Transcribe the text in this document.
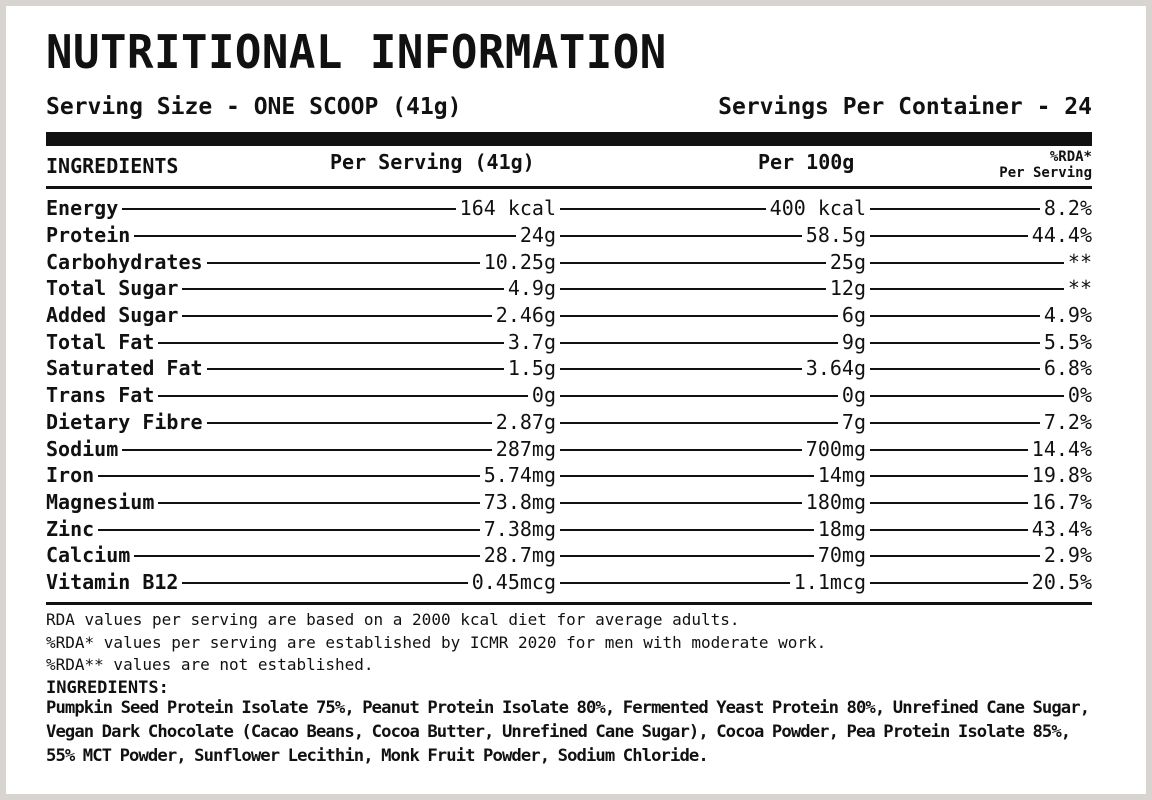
NUTRITIONAL INFORMATION
Serving Size - ONE SCOOP (41g)	Servings Per Container - 24
INGREDIENTS	Per Serving (41g)	Per 100g	%RDA*
Per Serving
Energy	164 kcal	400 kcal	8.2%
Protein	24g	58.5g	44.4%
Carbohydrates	10.25g	25g	**
Total Sugar	4.9g	12g	**
Added Sugar	2.46g	6g	4.9%
Total Fat	3.7g	9g	5.5%
Saturated Fat	1.5g	3.64g	6.8%
Trans Fat	0g	0g	0%
Dietary Fibre	2.87g	7g	7.2%
Sodium	287mg	700mg	14.4%
Iron	5.74mg	14mg	19.8%
Magnesium	73.8mg	180mg	16.7%
Zinc	7.38mg	18mg	43.4%
Calcium	28.7mg	70mg	2.9%
Vitamin B12	0.45mcg	1.1mcg	20.5%
RDA values per serving are based on a 2000 kcal diet for average adults.
%RDA* values per serving are established by ICMR 2020 for men with moderate work.
%RDA** values are not established.
INGREDIENTS:
Pumpkin Seed Protein Isolate 75%, Peanut Protein Isolate 80%, Fermented Yeast Protein 80%, Unrefined Cane Sugar, Vegan Dark Chocolate (Cacao Beans, Cocoa Butter, Unrefined Cane Sugar), Cocoa Powder, Pea Protein Isolate 85%, 55% MCT Powder, Sunflower Lecithin, Monk Fruit Powder, Sodium Chloride.
